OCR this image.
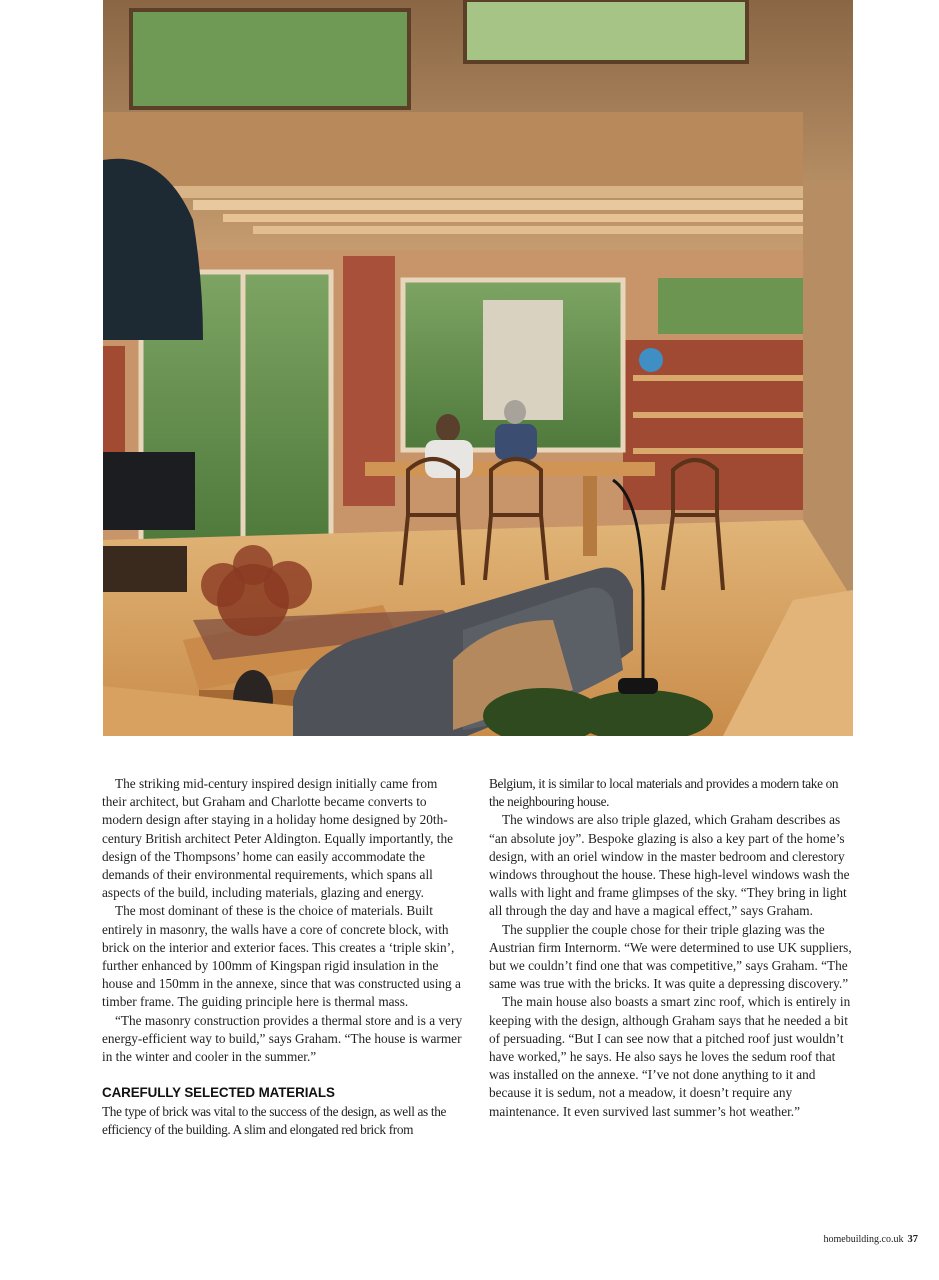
The striking mid-century inspired design initially came from their architect, but Graham and Charlotte became converts to modern design after staying in a holiday home designed by 20th-century British architect Peter Aldington. Equally importantly, the design of the Thompsons’ home can easily accommodate the demands of their environmental requirements, which spans all aspects of the build, including materials, glazing and energy.

The most dominant of these is the choice of materials. Built entirely in masonry, the walls have a core of concrete block, with brick on the interior and exterior faces. This creates a ‘triple skin’, further enhanced by 100mm of Kingspan rigid insulation in the house and 150mm in the annexe, since that was constructed using a timber frame. The guiding principle here is thermal mass.

“The masonry construction provides a thermal store and is a very energy-efficient way to build,” says Graham. “The house is warmer in the winter and cooler in the summer.”

CAREFULLY SELECTED MATERIALS

The type of brick was vital to the success of the design, as well as the efficiency of the building. A slim and elongated red brick from

Belgium, it is similar to local materials and provides a modern take on the neighbouring house.

The windows are also triple glazed, which Graham describes as “an absolute joy”. Bespoke glazing is also a key part of the home’s design, with an oriel window in the master bedroom and clerestory windows throughout the house. These high-level windows wash the walls with light and frame glimpses of the sky. “They bring in light all through the day and have a magical effect,” says Graham.

The supplier the couple chose for their triple glazing was the Austrian firm Internorm. “We were determined to use UK suppliers, but we couldn’t find one that was competitive,” says Graham. “The same was true with the bricks. It was quite a depressing discovery.”

The main house also boasts a smart zinc roof, which is entirely in keeping with the design, although Graham says that he needed a bit of persuading. “But I can see now that a pitched roof just wouldn’t have worked,” he says. He also says he loves the sedum roof that was installed on the annexe. “I’ve not done anything to it and because it is sedum, not a meadow, it doesn’t require any maintenance. It even survived last summer’s hot weather.”

homebuilding.co.uk 37
